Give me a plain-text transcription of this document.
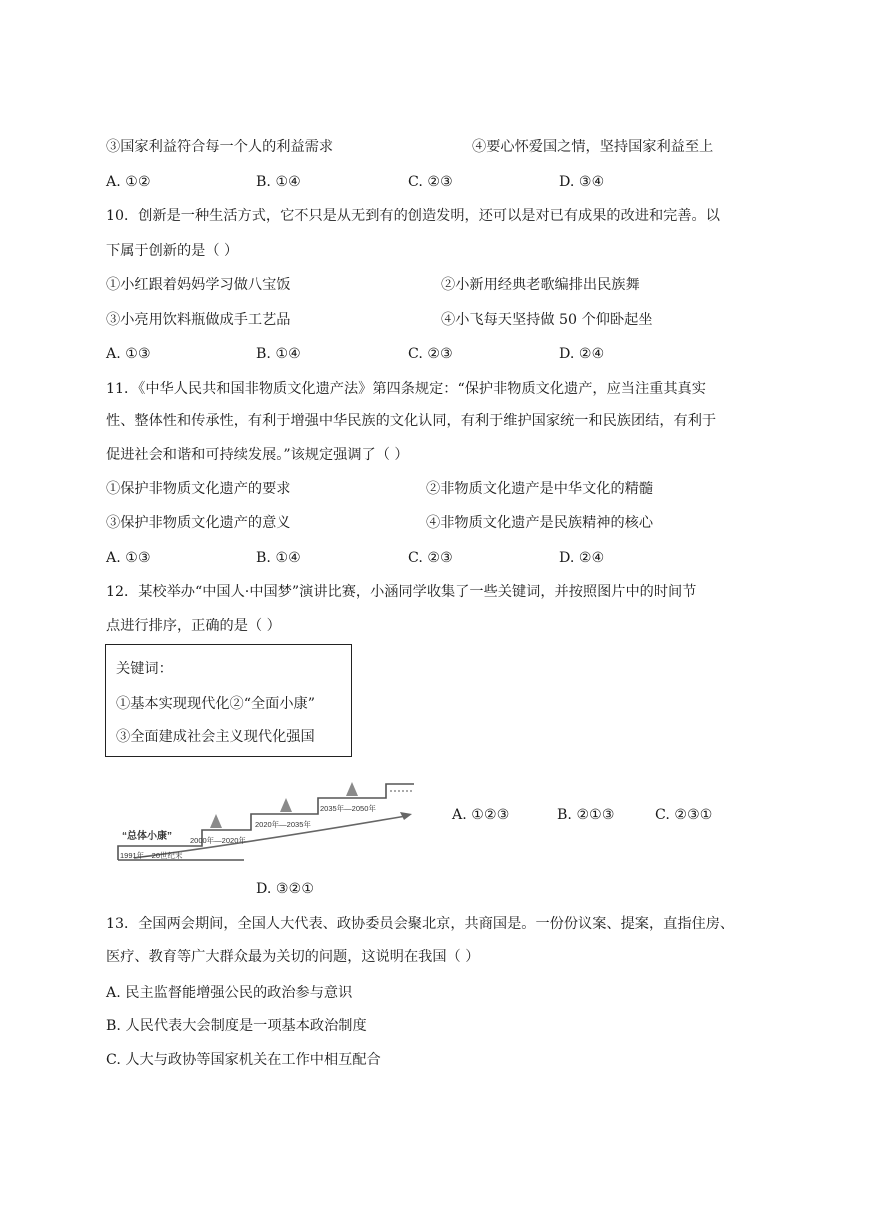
③国家利益符合每一个人的利益需求	④要心怀爱国之情，坚持国家利益至上
A. ①②	B. ①④	C. ②③	D. ③④
10．创新是一种生活方式，它不只是从无到有的创造发明，还可以是对已有成果的改进和完善。以
下属于创新的是（ ）
①小红跟着妈妈学习做八宝饭	②小新用经典老歌编排出民族舞
③小亮用饮料瓶做成手工艺品	④小飞每天坚持做 50 个仰卧起坐
A. ①③	B. ①④	C. ②③	D. ②④
11．《中华人民共和国非物质文化遗产法》第四条规定：“保护非物质文化遗产，应当注重其真实
性、整体性和传承性，有利于增强中华民族的文化认同，有利于维护国家统一和民族团结，有利于
促进社会和谐和可持续发展。”该规定强调了（ ）
①保护非物质文化遗产的要求	②非物质文化遗产是中华文化的精髓
③保护非物质文化遗产的意义	④非物质文化遗产是民族精神的核心
A. ①③	B. ①④	C. ②③	D. ②④
12．某校举办“中国人·中国梦”演讲比赛，小涵同学收集了一些关键词，并按照图片中的时间节
点进行排序，正确的是（ ）
关键词：
①基本实现现代化②“全面小康”
③全面建成社会主义现代化强国
“总体小康”
1991年—20世纪末
2000年—2020年
2020年—2035年
2035年—2050年	A. ①②③	B. ②①③	C. ②③①
D. ③②①
13．全国两会期间，全国人大代表、政协委员会聚北京，共商国是。一份份议案、提案，直指住房、
医疗、教育等广大群众最为关切的问题，这说明在我国（ ）
A. 民主监督能增强公民的政治参与意识
B. 人民代表大会制度是一项基本政治制度
C. 人大与政协等国家机关在工作中相互配合
